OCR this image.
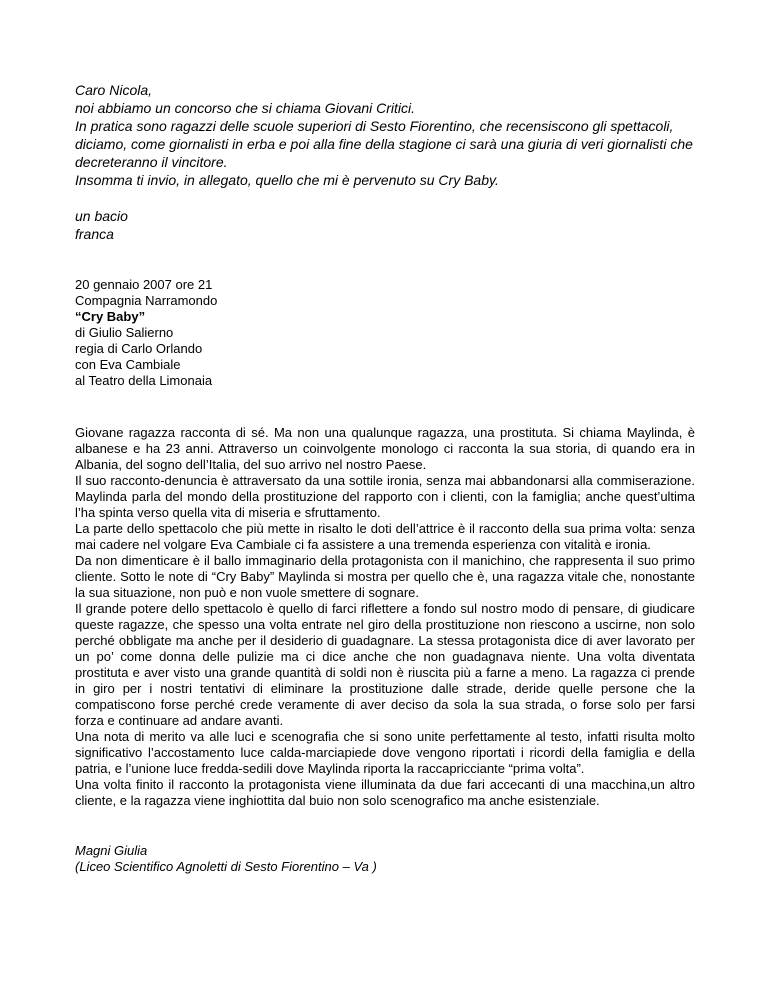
Caro Nicola,
noi abbiamo un concorso che si chiama Giovani Critici.
In pratica sono ragazzi delle scuole superiori di Sesto Fiorentino, che recensiscono gli spettacoli, diciamo, come giornalisti in erba e poi alla fine della stagione ci sarà una giuria di veri giornalisti che decreteranno il vincitore.
Insomma ti invio, in allegato, quello che mi è pervenuto su Cry Baby.
un bacio
franca
20 gennaio 2007 ore 21
Compagnia Narramondo
“Cry Baby”
di Giulio Salierno
regia di Carlo Orlando
con Eva Cambiale
al Teatro della Limonaia

Giovane ragazza racconta di sé. Ma non una qualunque ragazza, una prostituta. Si chiama Maylinda, è albanese e ha 23 anni. Attraverso un coinvolgente monologo ci racconta la sua storia, di quando era in Albania, del sogno dell’Italia, del suo arrivo nel nostro Paese.

Il suo racconto-denuncia è attraversato da una sottile ironia, senza mai abbandonarsi alla commiserazione. Maylinda parla del mondo della prostituzione del rapporto con i clienti, con la famiglia; anche quest’ultima l’ha spinta verso quella vita di miseria e sfruttamento.

La parte dello spettacolo che più mette in risalto le doti dell’attrice è il racconto della sua prima volta: senza mai cadere nel volgare Eva Cambiale ci fa assistere a una tremenda esperienza con vitalità e ironia.

Da non dimenticare è il ballo immaginario della protagonista con il manichino, che rappresenta il suo primo cliente. Sotto le note di “Cry Baby” Maylinda si mostra per quello che è, una ragazza vitale che, nonostante la sua situazione, non può e non vuole smettere di sognare.

Il grande potere dello spettacolo è quello di farci riflettere a fondo sul nostro modo di pensare, di giudicare queste ragazze, che spesso una volta entrate nel giro della prostituzione non riescono a uscirne, non solo perché obbligate ma anche per il desiderio di guadagnare. La stessa protagonista dice di aver lavorato per un po’ come donna delle pulizie ma ci dice anche che non guadagnava niente. Una volta diventata prostituta e aver visto una grande quantità di soldi non è riuscita più a farne a meno. La ragazza ci prende in giro per i nostri tentativi di eliminare la prostituzione dalle strade, deride quelle persone che la compatiscono forse perché crede veramente di aver deciso da sola la sua strada, o forse solo per farsi forza e continuare ad andare avanti.

Una nota di merito va alle luci e scenografia che si sono unite perfettamente al testo, infatti risulta molto significativo l’accostamento luce calda-marciapiede dove vengono riportati i ricordi della famiglia e della patria, e l’unione luce fredda-sedili dove Maylinda riporta la raccapricciante “prima volta”.

Una volta finito il racconto la protagonista viene illuminata da due fari accecanti di una macchina,un altro cliente, e la ragazza viene inghiottita dal buio non solo scenografico ma anche esistenziale.

Magni Giulia
(Liceo Scientifico Agnoletti di Sesto Fiorentino – Va )
